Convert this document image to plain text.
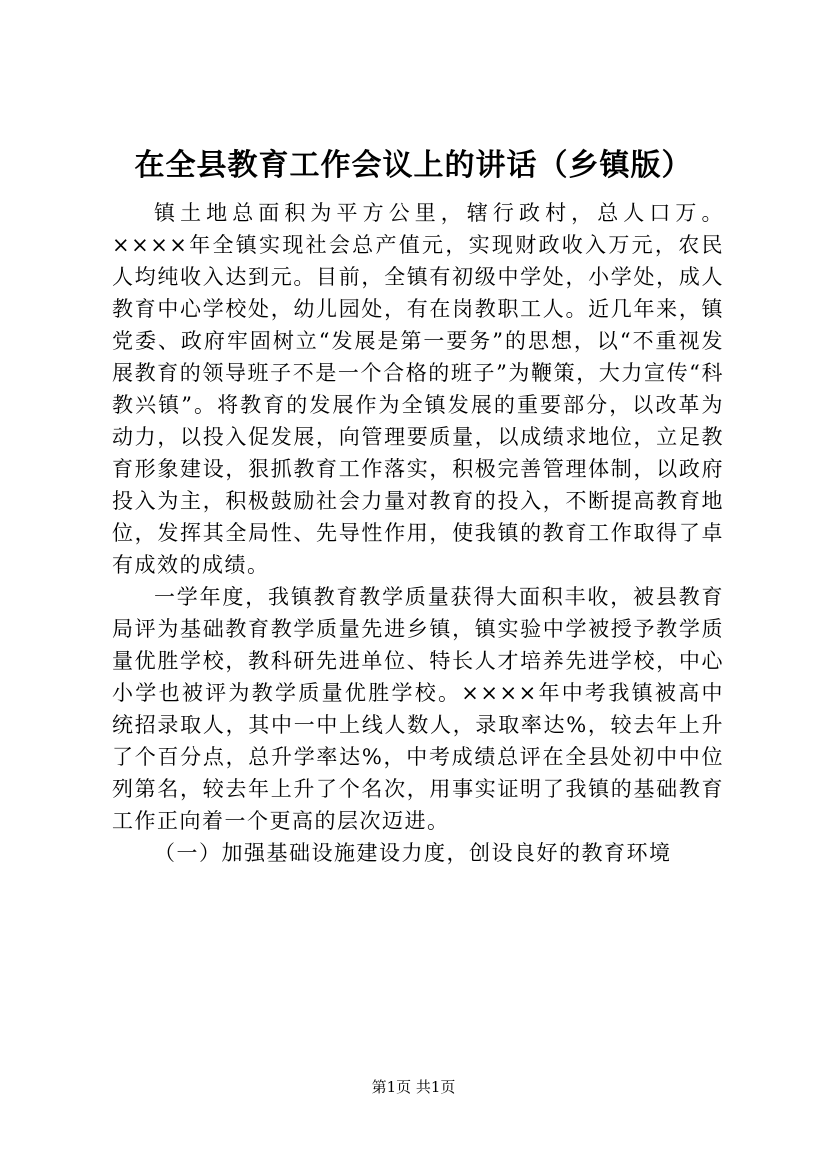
在全县教育工作会议上的讲话（乡镇版）

镇土地总面积为平方公里，辖行政村，总人口万。××××年全镇实现社会总产值元，实现财政收入万元，农民人均纯收入达到元。目前，全镇有初级中学处，小学处，成人教育中心学校处，幼儿园处，有在岗教职工人。近几年来，镇党委、政府牢固树立“发展是第一要务”的思想，以“不重视发展教育的领导班子不是一个合格的班子”为鞭策，大力宣传“科教兴镇”。将教育的发展作为全镇发展的重要部分，以改革为动力，以投入促发展，向管理要质量，以成绩求地位，立足教育形象建设，狠抓教育工作落实，积极完善管理体制，以政府投入为主，积极鼓励社会力量对教育的投入，不断提高教育地位，发挥其全局性、先导性作用，使我镇的教育工作取得了卓有成效的成绩。

一学年度，我镇教育教学质量获得大面积丰收，被县教育局评为基础教育教学质量先进乡镇，镇实验中学被授予教学质量优胜学校，教科研先进单位、特长人才培养先进学校，中心小学也被评为教学质量优胜学校。××××年中考我镇被高中统招录取人，其中一中上线人数人，录取率达%，较去年上升了个百分点，总升学率达%，中考成绩总评在全县处初中中位列第名，较去年上升了个名次，用事实证明了我镇的基础教育工作正向着一个更高的层次迈进。

（一）加强基础设施建设力度，创设良好的教育环境

第1页 共1页
